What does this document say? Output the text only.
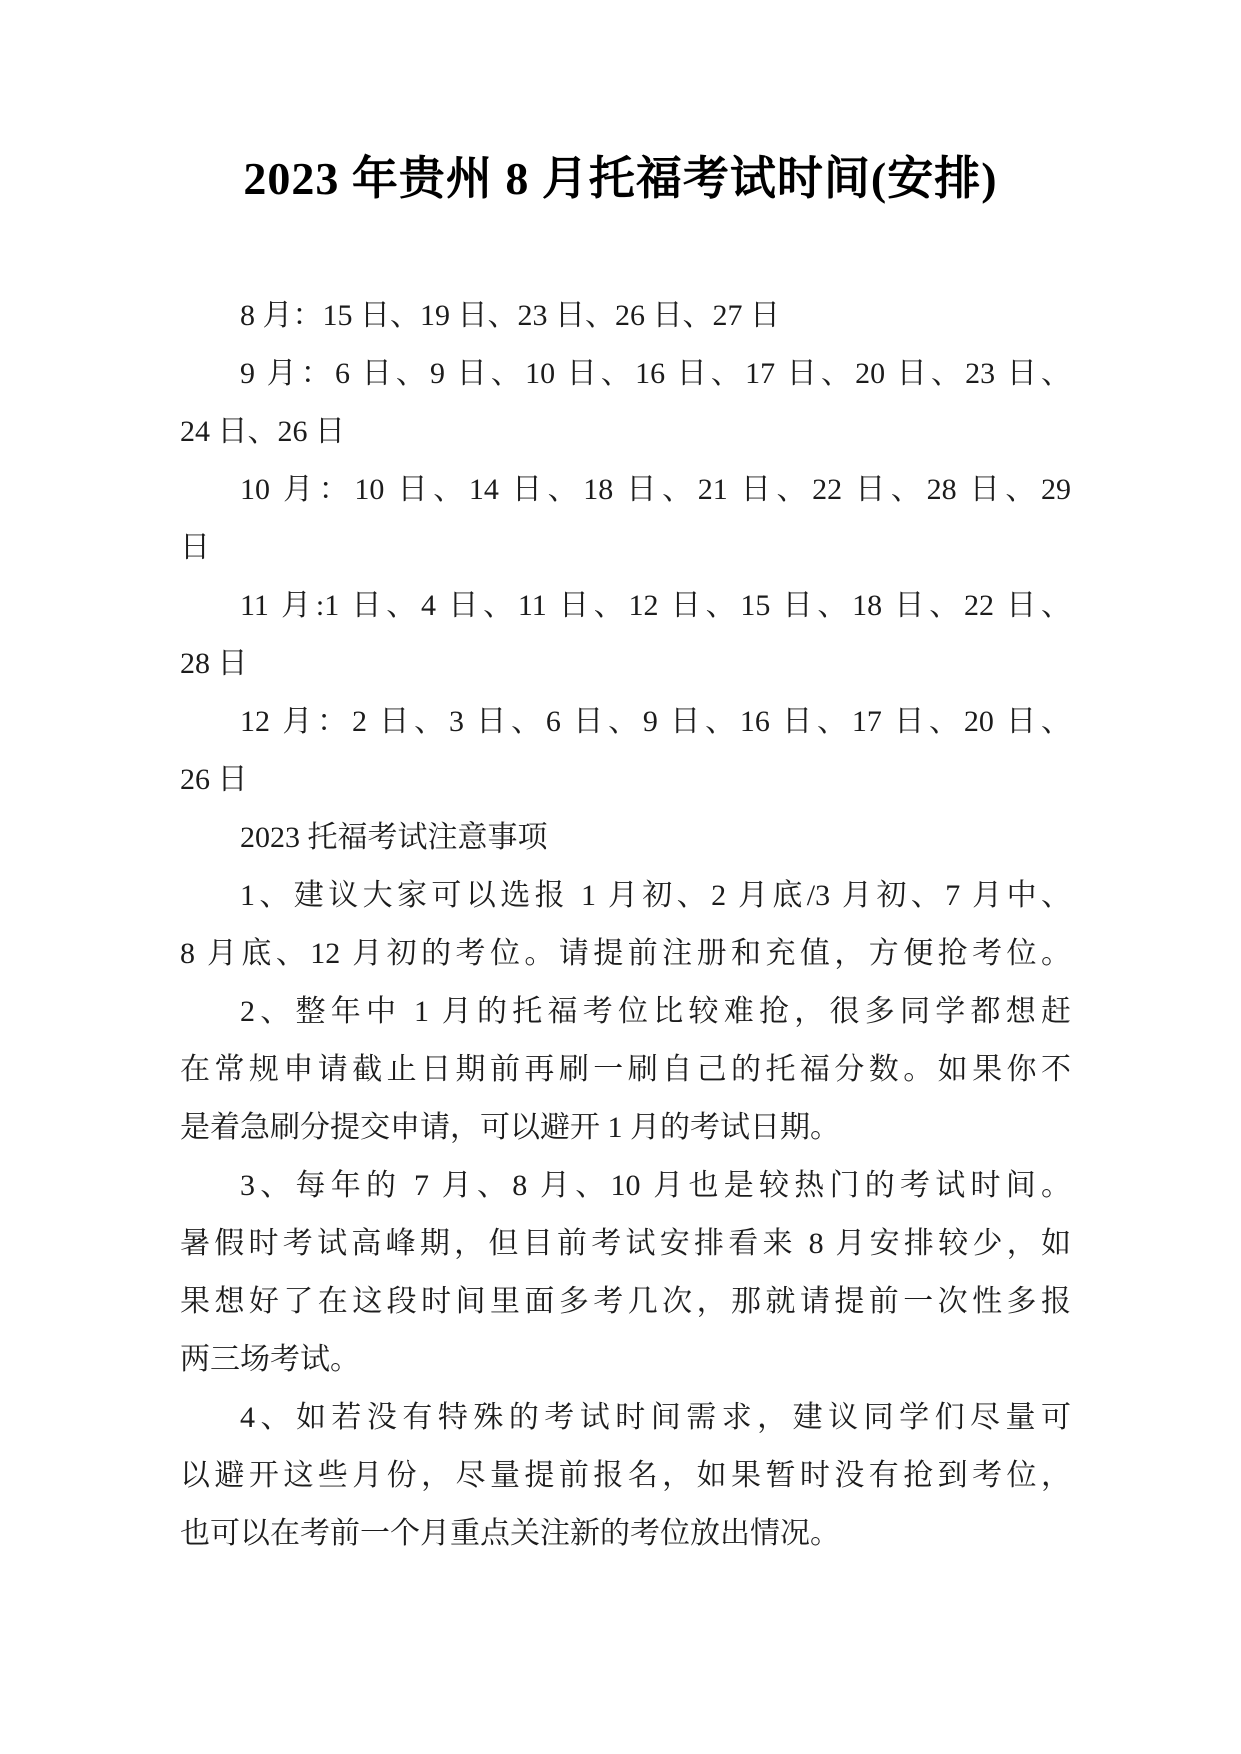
2023 年贵州 8 月托福考试时间(安排)
8 月：15 日、19 日、23 日、26 日、27 日
9 月：6 日、9 日、10 日、16 日、17 日、20 日、23 日、
24 日、26 日
10 月：10 日、14 日、18 日、21 日、22 日、28 日、29
日
11 月:1 日、4 日、11 日、12 日、15 日、18 日、22 日、
28 日
12 月：2 日、3 日、6 日、9 日、16 日、17 日、20 日、
26 日
2023 托福考试注意事项
1、建议大家可以选报 1 月初、2 月底/3 月初、7 月中、
8 月底、12 月初的考位。请提前注册和充值，方便抢考位。
2、整年中 1 月的托福考位比较难抢，很多同学都想赶
在常规申请截止日期前再刷一刷自己的托福分数。如果你不
是着急刷分提交申请，可以避开 1 月的考试日期。
3、每年的 7 月、8 月、10 月也是较热门的考试时间。
暑假时考试高峰期，但目前考试安排看来 8 月安排较少，如
果想好了在这段时间里面多考几次，那就请提前一次性多报
两三场考试。
4、如若没有特殊的考试时间需求，建议同学们尽量可
以避开这些月份，尽量提前报名，如果暂时没有抢到考位，
也可以在考前一个月重点关注新的考位放出情况。
